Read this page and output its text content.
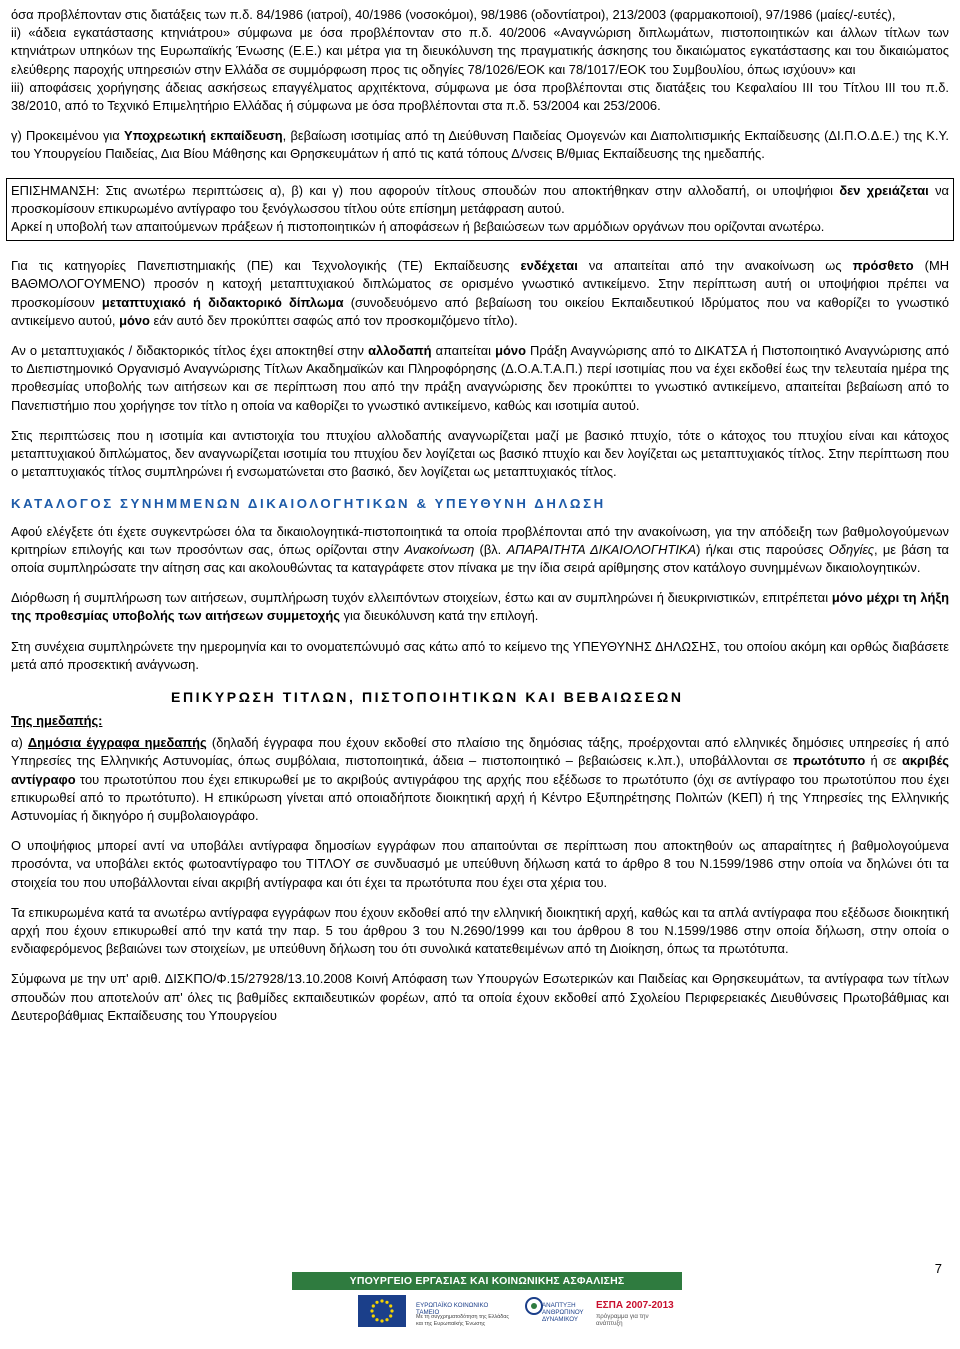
όσα προβλέπονταν στις διατάξεις των π.δ. 84/1986 (ιατροί), 40/1986 (νοσοκόμοι), 98/1986 (οδοντίατροι), 213/2003 (φαρμακοποιοί), 97/1986 (μαίες/-ευτές),

ii) «άδεια εγκατάστασης κτηνιάτρου» σύμφωνα με όσα προβλέπονταν στο π.δ. 40/2006 «Αναγνώριση διπλωμάτων, πιστοποιητικών και άλλων τίτλων των κτηνιάτρων υπηκόων της Ευρωπαϊκής Ένωσης (Ε.Ε.) και μέτρα για τη διευκόλυνση της πραγματικής άσκησης του δικαιώματος εγκατάστασης και του δικαιώματος ελεύθερης παροχής υπηρεσιών στην Ελλάδα σε συμμόρφωση προς τις οδηγίες 78/1026/ΕΟΚ και 78/1017/ΕΟΚ του Συμβουλίου, όπως ισχύουν» και

iii) αποφάσεις χορήγησης άδειας ασκήσεως επαγγέλματος αρχιτέκτονα, σύμφωνα με όσα προβλέπονται στις διατάξεις του Κεφαλαίου ΙΙΙ του Τίτλου ΙΙΙ του π.δ. 38/2010, από το Τεχνικό Επιμελητήριο Ελλάδας ή σύμφωνα με όσα προβλέπονται στα π.δ. 53/2004 και 253/2006.

γ) Προκειμένου για Υποχρεωτική εκπαίδευση, βεβαίωση ισοτιμίας από τη Διεύθυνση Παιδείας Ομογενών και Διαπολιτισμικής Εκπαίδευσης (ΔΙ.Π.Ο.Δ.Ε.) της Κ.Υ. του Υπουργείου Παιδείας, Δια Βίου Μάθησης και Θρησκευμάτων ή από τις κατά τόπους Δ/νσεις Β/θμιας Εκπαίδευσης της ημεδαπής.

ΕΠΙΣΗΜΑΝΣΗ: Στις ανωτέρω περιπτώσεις α), β) και γ) που αφορούν τίτλους σπουδών που αποκτήθηκαν στην αλλοδαπή, οι υποψήφιοι δεν χρειάζεται να προσκομίσουν επικυρωμένο αντίγραφο του ξενόγλωσσου τίτλου ούτε επίσημη μετάφραση αυτού.

Αρκεί η υποβολή των απαιτούμενων πράξεων ή πιστοποιητικών ή αποφάσεων ή βεβαιώσεων των αρμόδιων οργάνων που ορίζονται ανωτέρω.

Για τις κατηγορίες Πανεπιστημιακής (ΠΕ) και Τεχνολογικής (ΤΕ) Εκπαίδευσης ενδέχεται να απαιτείται από την ανακοίνωση ως πρόσθετο (ΜΗ ΒΑΘΜΟΛΟΓΟΥΜΕΝΟ) προσόν η κατοχή μεταπτυχιακού διπλώματος σε ορισμένο γνωστικό αντικείμενο. Στην περίπτωση αυτή οι υποψήφιοι πρέπει να προσκομίσουν μεταπτυχιακό ή διδακτορικό δίπλωμα (συνοδευόμενο από βεβαίωση του οικείου Εκπαιδευτικού Ιδρύματος που να καθορίζει το γνωστικό αντικείμενο αυτού, μόνο εάν αυτό δεν προκύπτει σαφώς από τον προσκομιζόμενο τίτλο).

Αν ο μεταπτυχιακός / διδακτορικός τίτλος έχει αποκτηθεί στην αλλοδαπή απαιτείται μόνο Πράξη Αναγνώρισης από το ΔΙΚΑΤΣΑ ή Πιστοποιητικό Αναγνώρισης από το Διεπιστημονικό Οργανισμό Αναγνώρισης Τίτλων Ακαδημαϊκών και Πληροφόρησης (Δ.Ο.Α.Τ.Α.Π.) περί ισοτιμίας που να έχει εκδοθεί έως την τελευταία ημέρα της προθεσμίας υποβολής των αιτήσεων και σε περίπτωση που από την πράξη αναγνώρισης δεν προκύπτει το γνωστικό αντικείμενο, απαιτείται βεβαίωση από το Πανεπιστήμιο που χορήγησε τον τίτλο η οποία να καθορίζει το γνωστικό αντικείμενο, καθώς και ισοτιμία αυτού.

Στις περιπτώσεις που η ισοτιμία και αντιστοιχία του πτυχίου αλλοδαπής αναγνωρίζεται μαζί με βασικό πτυχίο, τότε ο κάτοχος του πτυχίου είναι και κάτοχος μεταπτυχιακού διπλώματος, δεν αναγνωρίζεται ισοτιμία του πτυχίου δεν λογίζεται ως βασικό πτυχίο και δεν λογίζεται ως μεταπτυχιακός τίτλος. Στην περίπτωση που ο μεταπτυχιακός τίτλος συμπληρώνει ή ενσωματώνεται στο βασικό, δεν λογίζεται ως μεταπτυχιακός τίτλος.

ΚΑΤΑΛΟΓΟΣ ΣΥΝΗΜΜΕΝΩΝ ΔΙΚΑΙΟΛΟΓΗΤΙΚΩΝ & ΥΠΕΥΘΥΝΗ ΔΗΛΩΣΗ

Αφού ελέγξετε ότι έχετε συγκεντρώσει όλα τα δικαιολογητικά-πιστοποιητικά τα οποία προβλέπονται από την ανακοίνωση, για την απόδειξη των βαθμολογούμενων κριτηρίων επιλογής και των προσόντων σας, όπως ορίζονται στην Ανακοίνωση (βλ. ΑΠΑΡΑΙΤΗΤΑ ΔΙΚΑΙΟΛΟΓΗΤΙΚΑ) ή/και στις παρούσες Οδηγίες, με βάση τα οποία συμπληρώσατε την αίτηση σας και ακολουθώντας τα καταγράφετε στον πίνακα με την ίδια σειρά αρίθμησης στον κατάλογο συνημμένων δικαιολογητικών.

Διόρθωση ή συμπλήρωση των αιτήσεων, συμπλήρωση τυχόν ελλειπόντων στοιχείων, έστω και αν συμπληρώνει ή διευκρινιστικών, επιτρέπεται μόνο μέχρι τη λήξη της προθεσμίας υποβολής των αιτήσεων συμμετοχής για διευκόλυνση κατά την επιλογή.

Στη συνέχεια συμπληρώνετε την ημερομηνία και το ονοματεπώνυμό σας κάτω από το κείμενο της ΥΠΕΥΘΥΝΗΣ ΔΗΛΩΣΗΣ, του οποίου ακόμη και ορθώς διαβάσετε μετά από προσεκτική ανάγνωση.

ΕΠΙΚΥΡΩΣΗ ΤΙΤΛΩΝ, ΠΙΣΤΟΠΟΙΗΤΙΚΩΝ ΚΑΙ ΒΕΒΑΙΩΣΕΩΝ
Της ημεδαπής:

α) Δημόσια έγγραφα ημεδαπής (δηλαδή έγγραφα που έχουν εκδοθεί στο πλαίσιο της δημόσιας τάξης, προέρχονται από ελληνικές δημόσιες υπηρεσίες ή από Υπηρεσίες της Ελληνικής Αστυνομίας, όπως συμβόλαια, πιστοποιητικά, άδεια – πιστοποιητικό – βεβαιώσεις κ.λπ.), υποβάλλονται σε πρωτότυπο ή σε ακριβές αντίγραφο του πρωτοτύπου που έχει επικυρωθεί με το ακριβούς αντιγράφου της αρχής που εξέδωσε το πρωτότυπο (όχι σε αντίγραφο του πρωτοτύπου που έχει επικυρωθεί από το πρωτότυπο). Η επικύρωση γίνεται από οποιαδήποτε διοικητική αρχή ή Κέντρο Εξυπηρέτησης Πολιτών (ΚΕΠ) ή της Υπηρεσίες της Ελληνικής Αστυνομίας ή δικηγόρο ή συμβολαιογράφο.

Ο υποψήφιος μπορεί αντί να υποβάλει αντίγραφα δημοσίων εγγράφων που απαιτούνται σε περίπτωση που αποκτηθούν ως απαραίτητες ή βαθμολογούμενα προσόντα, να υποβάλει εκτός φωτοαντίγραφο του ΤΙΤΛΟΥ σε συνδυασμό με υπεύθυνη δήλωση κατά το άρθρο 8 του Ν.1599/1986 στην οποία να δηλώνει ότι τα στοιχεία του που υποβάλλονται είναι ακριβή αντίγραφα και ότι έχει τα πρωτότυπα που έχει στα χέρια του.

Τα επικυρωμένα κατά τα ανωτέρω αντίγραφα εγγράφων που έχουν εκδοθεί από την ελληνική διοικητική αρχή, καθώς και τα απλά αντίγραφα που εξέδωσε διοικητική αρχή που έχουν επικυρωθεί από την κατά την παρ. 5 του άρθρου 3 του Ν.2690/1999 και του άρθρου 8 του Ν.1599/1986 στην οποία δήλωση, στην οποία ο ενδιαφερόμενος βεβαιώνει των στοιχείων, με υπεύθυνη δήλωση του ότι συνολικά κατατεθειμένων από τη Διοίκηση, όπως τα πρωτότυπα.

Σύμφωνα με την υπ' αριθ. ΔΙΣΚΠΟ/Φ.15/27928/13.10.2008 Κοινή Απόφαση των Υπουργών Εσωτερικών και Παιδείας και Θρησκευμάτων, τα αντίγραφα των τίτλων σπουδών που αποτελούν απ' όλες τις βαθμίδες εκπαιδευτικών φορέων, από τα οποία έχουν εκδοθεί από Σχολείου Περιφερειακές Διευθύνσεις Πρωτοβάθμιας και Δευτεροβάθμιας Εκπαίδευσης του Υπουργείου

7
ΥΠΟΥΡΓΕΙΟ ΕΡΓΑΣΙΑΣ ΚΑΙ ΚΟΙΝΩΝΙΚΗΣ ΑΣΦΑΛΙΣΗΣ
ΕΥΡΩΠΑΪΚΟ ΚΟΙΝΩΝΙΚΟ ΤΑΜΕΙΟ
Με τη συγχρηματοδότηση της Ελλάδας και της Ευρωπαϊκής Ένωσης
ΑΝΑΠΤΥΞΗ ΑΝΘΡΩΠΙΝΟΥ ΔΥΝΑΜΙΚΟΥ
ΕΣΠΑ 2007-2013
πρόγραμμα για την ανάπτυξη
